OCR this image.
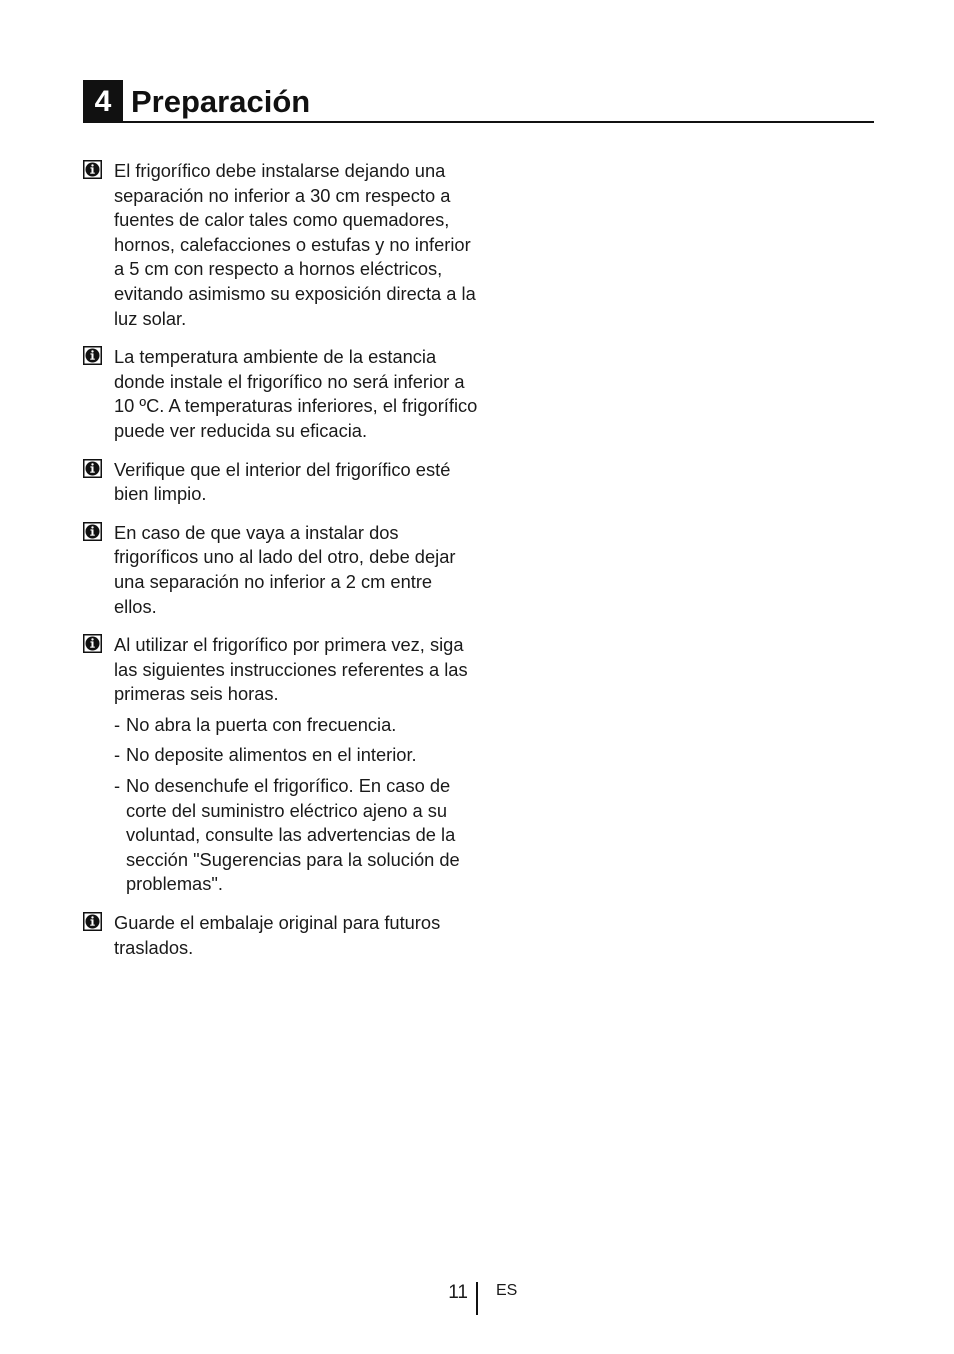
4 Preparación
El frigorífico debe instalarse dejando una separación no inferior a 30 cm respecto a fuentes de calor tales como quemadores, hornos, calefacciones o estufas y no inferior a 5 cm con respecto a hornos eléctricos, evitando asimismo su exposición directa a la luz solar.
La temperatura ambiente de la estancia donde instale el frigorífico no será inferior a 10 ºC. A temperaturas inferiores, el frigorífico puede ver reducida su eficacia.
Verifique que el interior del frigorífico esté bien limpio.
En caso de que vaya a instalar dos frigoríficos uno al lado del otro, debe dejar una separación no inferior a 2 cm entre ellos.
Al utilizar el frigorífico por primera vez, siga las siguientes instrucciones referentes a las primeras seis horas.
- No abra la puerta con frecuencia.
- No deposite alimentos en el interior.
- No desenchufe el frigorífico. En caso de corte del suministro eléctrico ajeno a su voluntad, consulte las advertencias de la sección "Sugerencias para la solución de problemas".
Guarde el embalaje original para futuros traslados.
11 ES
